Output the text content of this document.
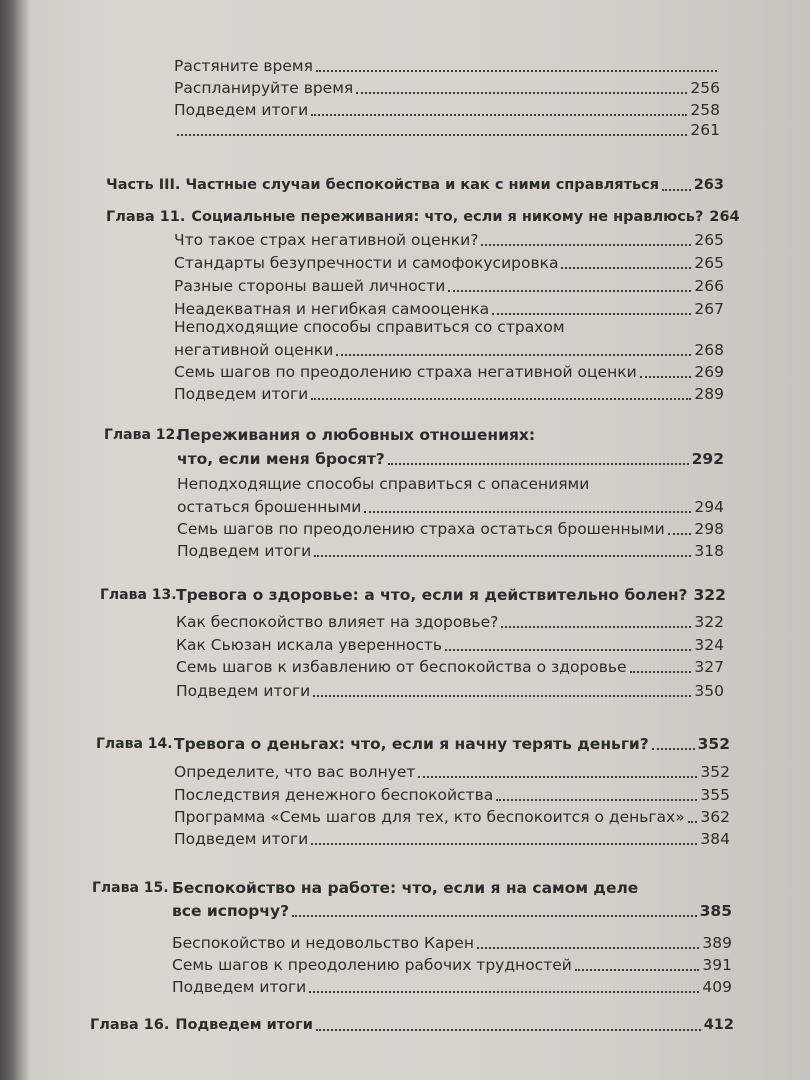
Растяните время
Распланируйте время	256
Подведем итоги	258
261
Часть III. Частные случаи беспокойства и как с ними справляться 263
Глава 11. Социальные переживания: что, если я никому не нравлюсь? 264
Что такое страх негативной оценки?	265
Стандарты безупречности и самофокусировка	265
Разные стороны вашей личности	266
Неадекватная и негибкая самооценка	267
Неподходящие способы справиться со страхом
негативной оценки	268
Семь шагов по преодолению страха негативной оценки	269
Подведем итоги	289
Глава 12.
Переживания о любовных отношениях:
что, если меня бросят?	292
Неподходящие способы справиться с опасениями
остаться брошенными	294
Семь шагов по преодолению страха остаться брошенными 298
Подведем итоги	318
Глава 13. Тревога о здоровье: а что, если я действительно болен? 322
Как беспокойство влияет на здоровье?	322
Как Сьюзан искала уверенность	324
Семь шагов к избавлению от беспокойства о здоровье	327
Подведем итоги	350
Глава 14. Тревога о деньгах: что, если я начну терять деньги?	352
Определите, что вас волнует	352
Последствия денежного беспокойства	355
Программа «Семь шагов для тех, кто беспокоится о деньгах» 362
Подведем итоги	384
Глава 15. Беспокойство на работе: что, если я на самом деле
все испорчу?	385
Беспокойство и недовольство Карен	389
Семь шагов к преодолению рабочих трудностей	391
Подведем итоги	409
Глава 16. Подведем итоги	412
